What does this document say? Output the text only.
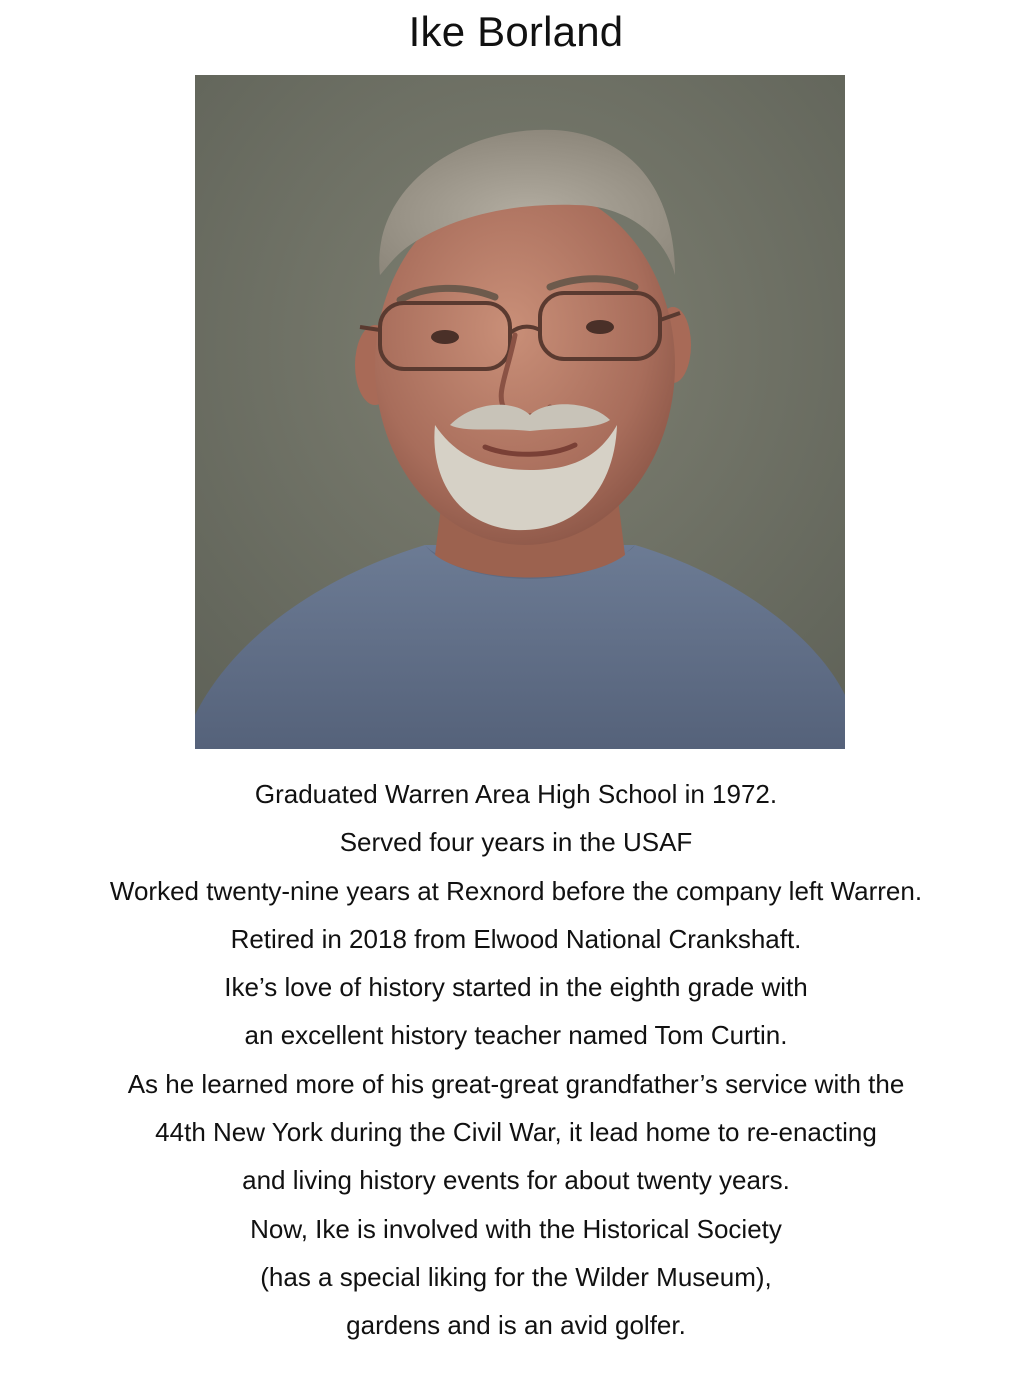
Ike Borland
Graduated Warren Area High School in 1972.
Served four years in the USAF
Worked twenty-nine years at Rexnord before the company left Warren.
Retired in 2018 from Elwood National Crankshaft.
Ike’s love of history started in the eighth grade with
an excellent history teacher named Tom Curtin.
As he learned more of his great-great grandfather’s service with the
44th New York during the Civil War, it lead home to re-enacting
and living history events for about twenty years.
Now, Ike is involved with the Historical Society
(has a special liking for the Wilder Museum),
gardens and is an avid golfer.
